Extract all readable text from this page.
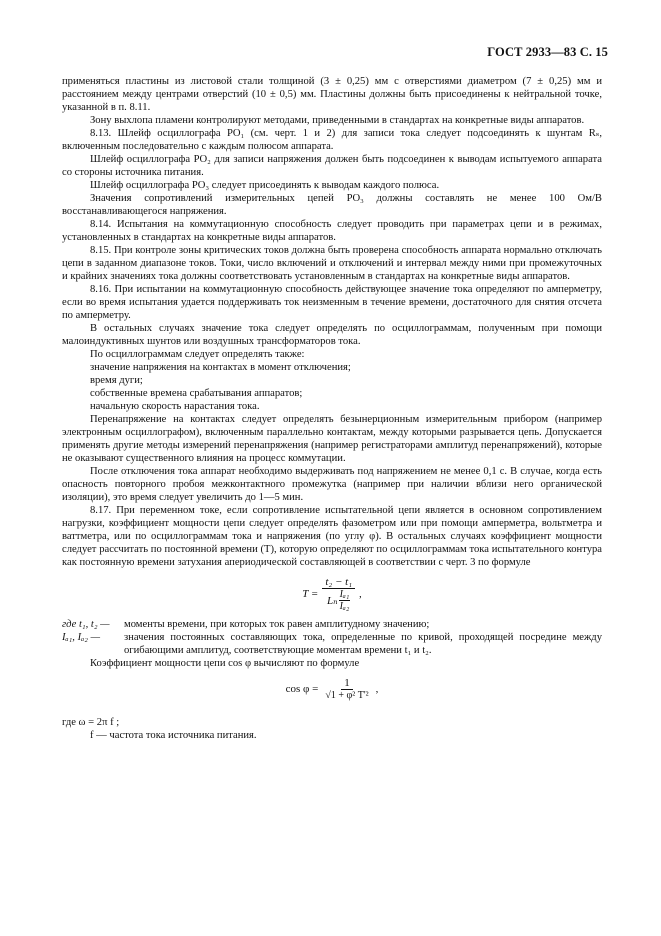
ГОСТ 2933—83 С. 15

применяться пластины из листовой стали толщиной (3 ± 0,25) мм с отверстиями диаметром (7 ± 0,25) мм и расстоянием между центрами отверстий (10 ± 0,5) мм. Пластины должны быть присоединены к нейтральной точке, указанной в п. 8.11.

Зону выхлопа пламени контролируют методами, приведенными в стандартах на конкретные виды аппаратов.

8.13. Шлейф осциллографа PO₁ (см. черт. 1 и 2) для записи тока следует подсоединять к шунтам Rₛ, включенным последовательно с каждым полюсом аппарата.

Шлейф осциллографа PO₂ для записи напряжения должен быть подсоединен к выводам испытуемого аппарата со стороны источника питания.

Шлейф осциллографа PO₃ следует присоединять к выводам каждого полюса.

Значения сопротивлений измерительных цепей PO₃ должны составлять не менее 100 Ом/В восстанавливающегося напряжения.

8.14. Испытания на коммутационную способность следует проводить при параметрах цепи и в режимах, установленных в стандартах на конкретные виды аппаратов.

8.15. При контроле зоны критических токов должна быть проверена способность аппарата нормально отключать цепи в заданном диапазоне токов. Токи, число включений и отключений и интервал между ними при промежуточных и крайних значениях тока должны соответствовать установленным в стандартах на конкретные виды аппаратов.

8.16. При испытании на коммутационную способность действующее значение тока определяют по амперметру, если во время испытания удается поддерживать ток неизменным в течение времени, достаточного для снятия отсчета по амперметру.

В остальных случаях значение тока следует определять по осциллограммам, полученным при помощи малоиндуктивных шунтов или воздушных трансформаторов тока.

По осциллограммам следует определять также:

значение напряжения на контактах в момент отключения;

время дуги;

собственные времена срабатывания аппаратов;

начальную скорость нарастания тока.

Перенапряжение на контактах следует определять безынерционным измерительным прибором (например электронным осциллографом), включенным параллельно контактам, между которыми разрывается цепь. Допускается применять другие методы измерений перенапряжения (например регистраторами амплитуд перенапряжений), которые не оказывают существенного влияния на процесс коммутации.

После отключения тока аппарат необходимо выдерживать под напряжением не менее 0,1 с. В случае, когда есть опасность повторного пробоя межконтактного промежутка (например при наличии вблизи него органической изоляции), это время следует увеличить до 1—5 мин.

8.17. При переменном токе, если сопротивление испытательной цепи является в основном сопротивлением нагрузки, коэффициент мощности цепи следует определять фазометром или при помощи амперметра, вольтметра и ваттметра, или по осциллограммам тока и напряжения (по углу φ). В остальных случаях коэффициент мощности следует рассчитать по постоянной времени (T), которую определяют по осциллограммам тока испытательного контура как постоянную времени затухания апериодической составляющей в соответствии с черт. 3 по формуле

$T = \frac{\text{t₂ − t₁}}{L_n \frac{\text{Iₐ₁}}{\text{Iₐ₂}}}$ ,
где t₁, t₂ —	моменты времени, при которых ток равен амплитудному значению;
Iₐ₁, Iₐ₂ —	значения постоянных составляющих тока, определенные по кривой, проходящей посредине между огибающими амплитуд, соответствующие моментам времени t₁ и t₂.

Коэффициент мощности цепи cos φ вычисляют по формуле

$\cos \varphi = \frac{1}{\text{√1 + φ² T'²}}$ ,

где ω = 2π f ;

f — частота тока источника питания.
